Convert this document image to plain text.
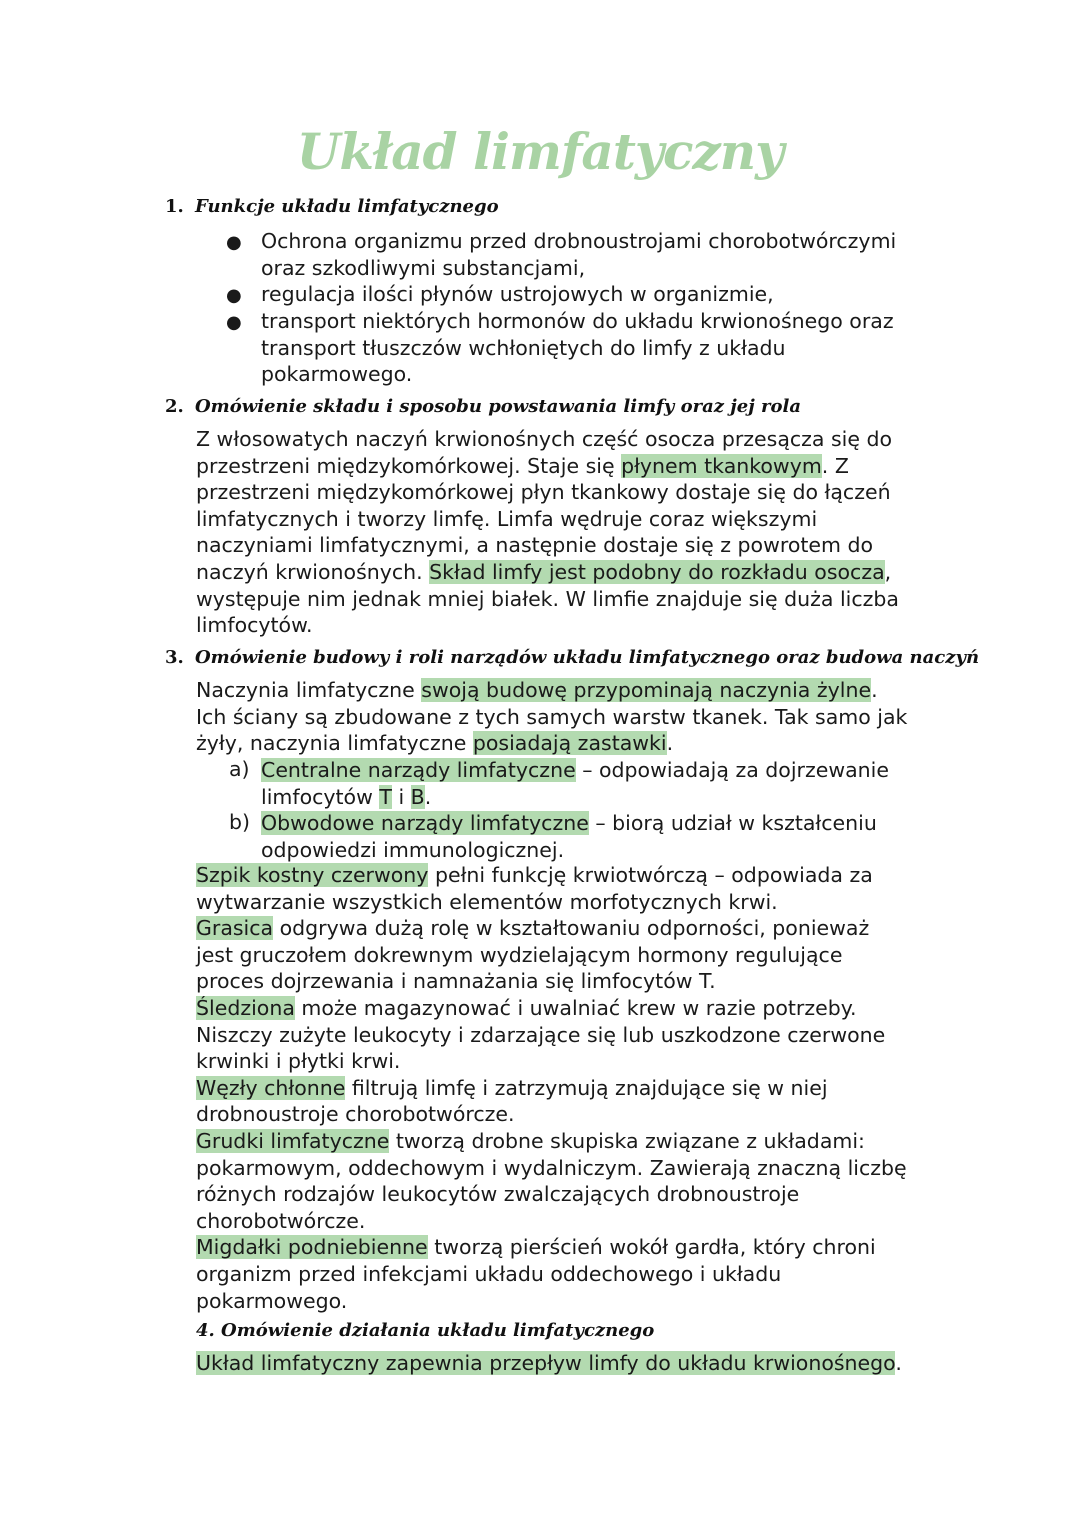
Układ limfatyczny
1. Funkcje układu limfatycznego
● Ochrona organizmu przed drobnoustrojami chorobotwórczymi
oraz szkodliwymi substancjami,
● regulacja ilości płynów ustrojowych w organizmie,
● transport niektórych hormonów do układu krwionośnego oraz
transport tłuszczów wchłoniętych do limfy z układu
pokarmowego.
2. Omówienie składu i sposobu powstawania limfy oraz jej rola
Z włosowatych naczyń krwionośnych część osocza przesącza się do
przestrzeni międzykomórkowej. Staje się płynem tkankowym. Z
przestrzeni międzykomórkowej płyn tkankowy dostaje się do łączeń
limfatycznych i tworzy limfę. Limfa wędruje coraz większymi
naczyniami limfatycznymi, a następnie dostaje się z powrotem do
naczyń krwionośnych. Skład limfy jest podobny do rozkładu osocza,
występuje nim jednak mniej białek. W limfie znajduje się duża liczba
limfocytów.
3. Omówienie budowy i roli narządów układu limfatycznego oraz budowa naczyń
Naczynia limfatyczne swoją budowę przypominają naczynia żylne.
Ich ściany są zbudowane z tych samych warstw tkanek. Tak samo jak
żyły, naczynia limfatyczne posiadają zastawki.
a) Centralne narządy limfatyczne – odpowiadają za dojrzewanie
limfocytów T i B.
b) Obwodowe narządy limfatyczne – biorą udział w kształceniu
odpowiedzi immunologicznej.
Szpik kostny czerwony pełni funkcję krwiotwórczą – odpowiada za
wytwarzanie wszystkich elementów morfotycznych krwi.
Grasica odgrywa dużą rolę w kształtowaniu odporności, ponieważ
jest gruczołem dokrewnym wydzielającym hormony regulujące
proces dojrzewania i namnażania się limfocytów T.
Śledziona może magazynować i uwalniać krew w razie potrzeby.
Niszczy zużyte leukocyty i zdarzające się lub uszkodzone czerwone
krwinki i płytki krwi.
Węzły chłonne filtrują limfę i zatrzymują znajdujące się w niej
drobnoustroje chorobotwórcze.
Grudki limfatyczne tworzą drobne skupiska związane z układami:
pokarmowym, oddechowym i wydalniczym. Zawierają znaczną liczbę
różnych rodzajów leukocytów zwalczających drobnoustroje
chorobotwórcze.
Migdałki podniebienne tworzą pierścień wokół gardła, który chroni
organizm przed infekcjami układu oddechowego i układu
pokarmowego.
4. Omówienie działania układu limfatycznego
Układ limfatyczny zapewnia przepływ limfy do układu krwionośnego.
